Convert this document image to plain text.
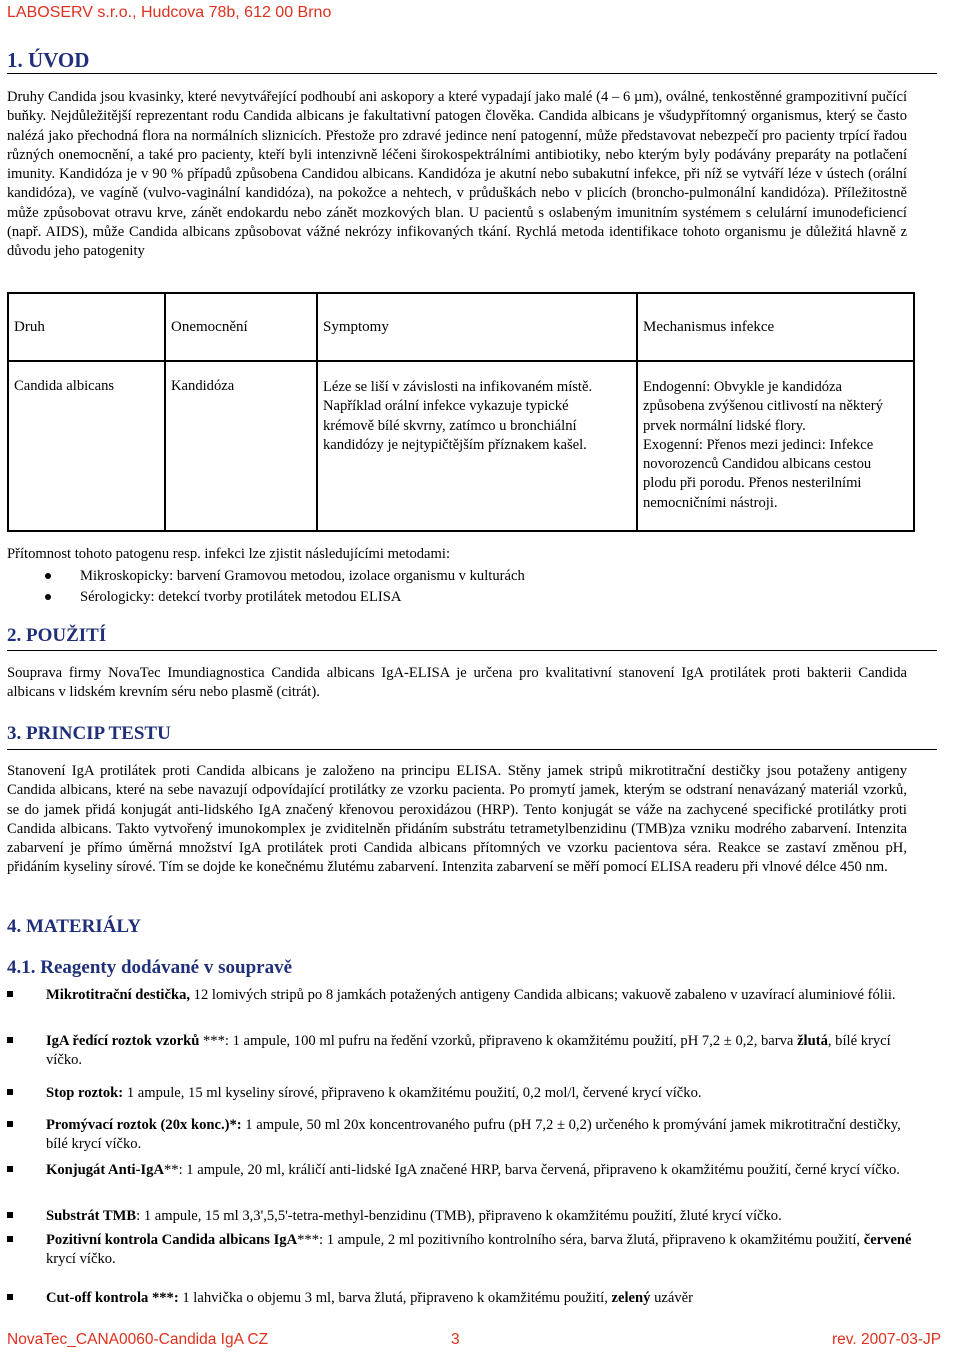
LABOSERV s.r.o., Hudcova 78b, 612 00 Brno
1. ÚVOD
Druhy Candida jsou kvasinky, které nevytvářející podhoubí ani askopory a které vypadají jako malé (4 – 6 µm), oválné, tenkostěnné grampozitivní pučící buňky. Nejdůležitější reprezentant rodu Candida albicans je fakultativní patogen člověka. Candida albicans je všudypřítomný organismus, který se často nalézá jako přechodná flora na normálních sliznicích. Přestože pro zdravé jedince není patogenní, může představovat nebezpečí pro pacienty trpící řadou různých onemocnění, a také pro pacienty, kteří byli intenzivně léčeni širokospektrálními antibiotiky, nebo kterým byly podávány preparáty na potlačení imunity. Kandidóza je v 90 % případů způsobena Candidou albicans. Kandidóza je akutní nebo subakutní infekce, při níž se vytváří léze v ústech (orální kandidóza), ve vagíně (vulvo-vaginální kandidóza), na pokožce a nehtech, v průduškách nebo v plicích (broncho-pulmonální kandidóza). Příležitostně může způsobovat otravu krve, zánět endokardu nebo zánět mozkových blan. U pacientů s oslabeným imunitním systémem s celulární imunodeficiencí (např. AIDS), může Candida albicans způsobovat vážné nekrózy infikovaných tkání. Rychlá metoda identifikace tohoto organismu je důležitá hlavně z důvodu jeho patogenity
Druh	Onemocnění	Symptomy	Mechanismus infekce
Candida albicans	Kandidóza	Léze se liší v závislosti na infikovaném místě. Například orální infekce vykazuje typické krémově bílé skvrny, zatímco u bronchiální kandidózy je nejtypičtějším příznakem kašel.	Endogenní: Obvykle je kandidóza způsobena zvýšenou citlivostí na některý prvek normální lidské flory.
Exogenní: Přenos mezi jedinci: Infekce novorozenců Candidou albicans cestou plodu při porodu. Přenos nesterilními nemocničními nástroji.
Přítomnost tohoto patogenu resp. infekci lze zjistit následujícími metodami:
Mikroskopicky: barvení Gramovou metodou, izolace organismu v kulturách
Sérologicky: detekcí tvorby protilátek metodou ELISA
2. POUŽITÍ
Souprava firmy NovaTec Imundiagnostica Candida albicans IgA-ELISA je určena pro kvalitativní stanovení IgA protilátek proti bakterii Candida albicans v lidském krevním séru nebo plasmě (citrát).
3. PRINCIP TESTU
Stanovení IgA protilátek proti Candida albicans je založeno na principu ELISA. Stěny jamek stripů mikrotitrační destičky jsou potaženy antigeny Candida albicans, které na sebe navazují odpovídající protilátky ze vzorku pacienta. Po promytí jamek, kterým se odstraní nenavázaný materiál vzorků, se do jamek přidá konjugát anti-lidského IgA značený křenovou peroxidázou (HRP). Tento konjugát se váže na zachycené specifické protilátky proti Candida albicans. Takto vytvořený imunokomplex je zviditelněn přidáním substrátu tetrametylbenzidinu (TMB)za vzniku modrého zabarvení. Intenzita zabarvení je přímo úměrná množství IgA protilátek proti Candida albicans přítomných ve vzorku pacientova séra. Reakce se zastaví změnou pH, přidáním kyseliny sírové. Tím se dojde ke konečnému žlutému zabarvení. Intenzita zabarvení se měří pomocí ELISA readeru při vlnové délce 450 nm.
4. MATERIÁLY
4.1. Reagenty dodávané v soupravě
Mikrotitrační destička, 12 lomivých stripů po 8 jamkách potažených antigeny Candida albicans; vakuově zabaleno v uzavírací aluminiové fólii.
IgA ředící roztok vzorků ***: 1 ampule, 100 ml pufru na ředění vzorků, připraveno k okamžitému použití, pH 7,2 ± 0,2, barva žlutá, bílé krycí víčko.
Stop roztok: 1 ampule, 15 ml kyseliny sírové, připraveno k okamžitému použití, 0,2 mol/l, červené krycí víčko.
Promývací roztok (20x konc.)*: 1 ampule, 50 ml 20x koncentrovaného pufru (pH 7,2 ± 0,2) určeného k promývání jamek mikrotitrační destičky, bílé krycí víčko.
Konjugát Anti-IgA**: 1 ampule, 20 ml, králičí anti-lidské IgA značené HRP, barva červená, připraveno k okamžitému použití, černé krycí víčko.
Substrát TMB: 1 ampule, 15 ml 3,3',5,5'-tetra-methyl-benzidinu (TMB), připraveno k okamžitému použití, žluté krycí víčko.
Pozitivní kontrola Candida albicans IgA***: 1 ampule, 2 ml pozitivního kontrolního séra, barva žlutá, připraveno k okamžitému použití, červené krycí víčko.
Cut-off kontrola ***: 1 lahvička o objemu 3 ml, barva žlutá, připraveno k okamžitému použití, zelený uzávěr
NovaTec_CANA0060-Candida IgA CZ	3	rev. 2007-03-JP
